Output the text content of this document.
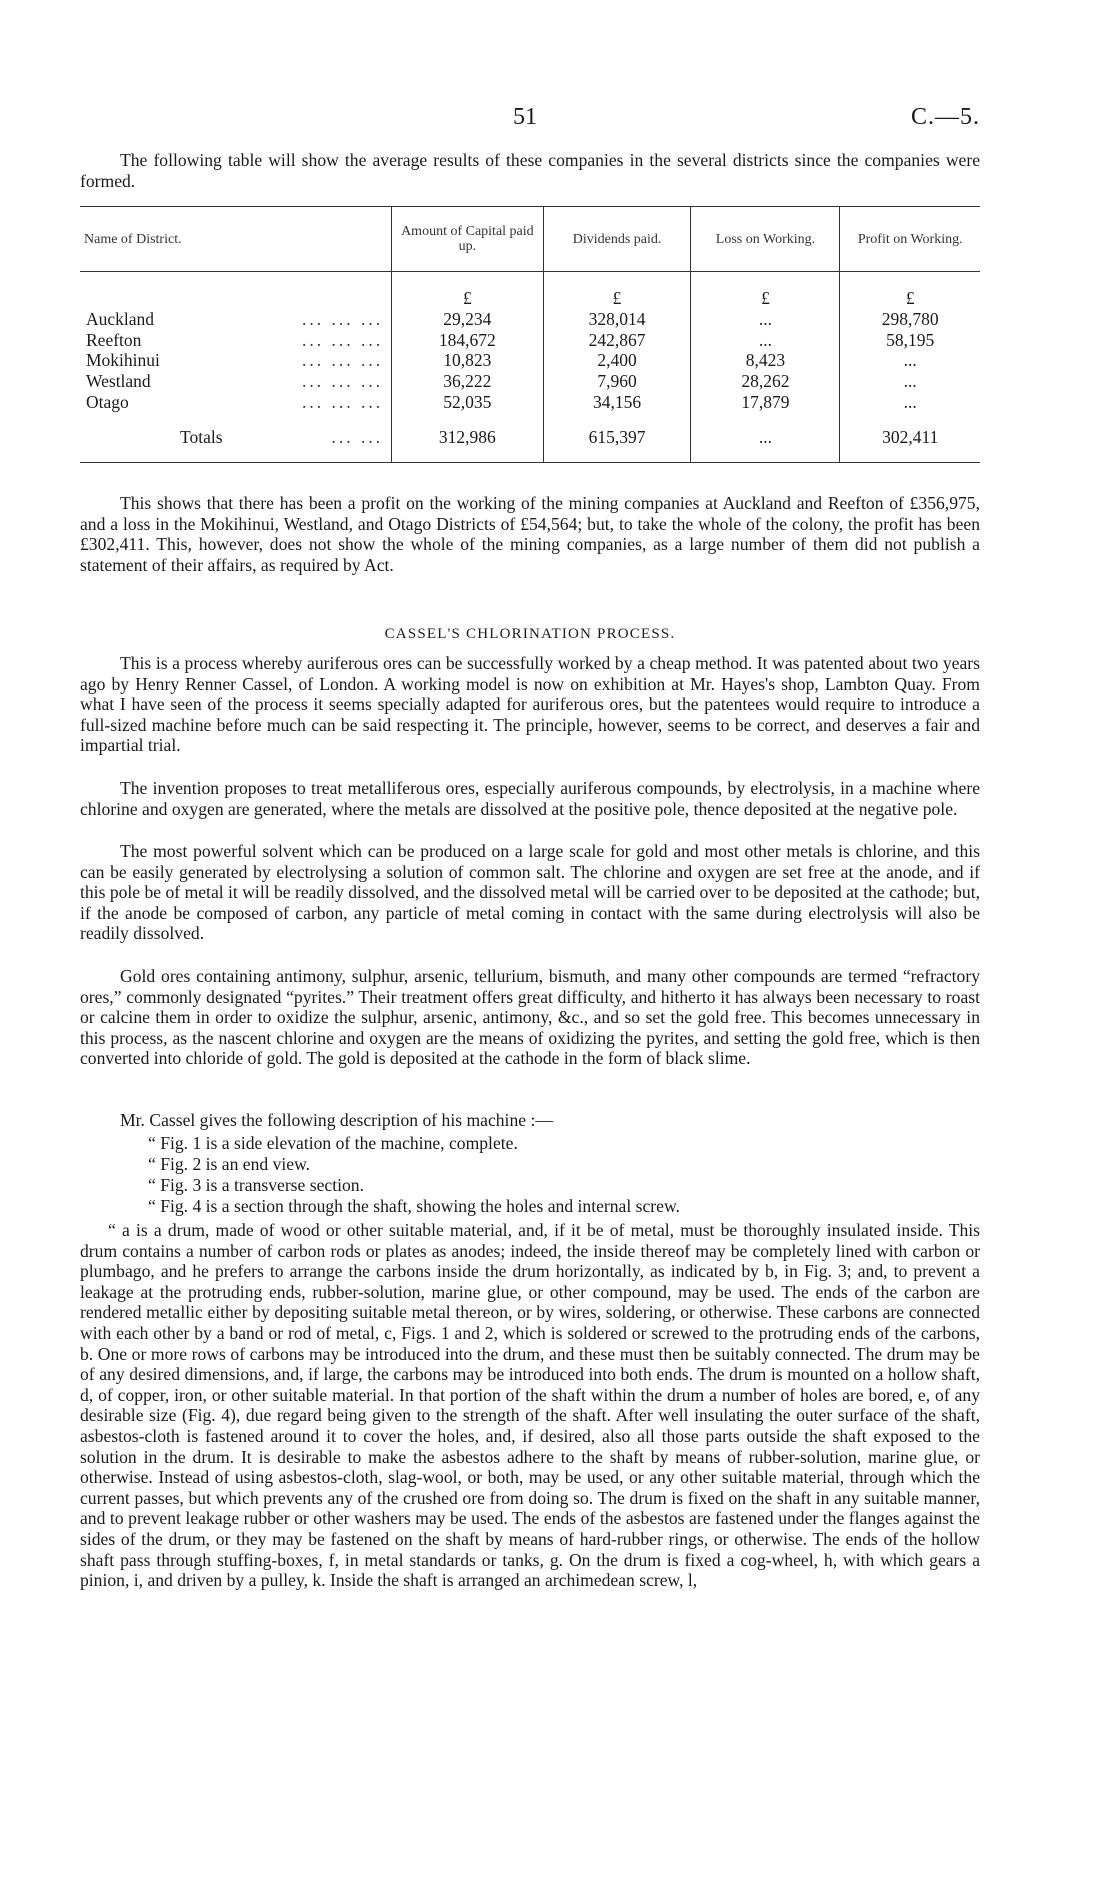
51	C.—5.

The following table will show the average results of these companies in the several districts since the companies were formed.

Name of District.	Amount of Capital paid up.	Dividends paid.	Loss on Working.	Profit on Working.
	£	£	£	£
Auckland ... ... ...	29,234	328,014	...	298,780
Reefton ... ... ...	184,672	242,867	...	58,195
Mokihinui ... ... ...	10,823	2,400	8,423	...
Westland ... ... ...	36,222	7,960	28,262	...
Otago ... ... ...	52,035	34,156	17,879	...
Totals ... ...	312,986	615,397	...	302,411

This shows that there has been a profit on the working of the mining companies at Auckland and Reefton of £356,975, and a loss in the Mokihinui, Westland, and Otago Districts of £54,564; but, to take the whole of the colony, the profit has been £302,411. This, however, does not show the whole of the mining companies, as a large number of them did not publish a statement of their affairs, as required by Act.

CASSEL'S CHLORINATION PROCESS.

This is a process whereby auriferous ores can be successfully worked by a cheap method. It was patented about two years ago by Henry Renner Cassel, of London. A working model is now on exhibition at Mr. Hayes's shop, Lambton Quay. From what I have seen of the process it seems specially adapted for auriferous ores, but the patentees would require to introduce a full-sized machine before much can be said respecting it. The principle, however, seems to be correct, and deserves a fair and impartial trial.

The invention proposes to treat metalliferous ores, especially auriferous compounds, by electrolysis, in a machine where chlorine and oxygen are generated, where the metals are dissolved at the positive pole, thence deposited at the negative pole.

The most powerful solvent which can be produced on a large scale for gold and most other metals is chlorine, and this can be easily generated by electrolysing a solution of common salt. The chlorine and oxygen are set free at the anode, and if this pole be of metal it will be readily dissolved, and the dissolved metal will be carried over to be deposited at the cathode; but, if the anode be composed of carbon, any particle of metal coming in contact with the same during electrolysis will also be readily dissolved.

Gold ores containing antimony, sulphur, arsenic, tellurium, bismuth, and many other compounds are termed “refractory ores,” commonly designated “pyrites.” Their treatment offers great difficulty, and hitherto it has always been necessary to roast or calcine them in order to oxidize the sulphur, arsenic, antimony, &c., and so set the gold free. This becomes unnecessary in this process, as the nascent chlorine and oxygen are the means of oxidizing the pyrites, and setting the gold free, which is then converted into chloride of gold. The gold is deposited at the cathode in the form of black slime.

Mr. Cassel gives the following description of his machine :—

“ Fig. 1 is a side elevation of the machine, complete.
“ Fig. 2 is an end view.
“ Fig. 3 is a transverse section.
“ Fig. 4 is a section through the shaft, showing the holes and internal screw.

“ a is a drum, made of wood or other suitable material, and, if it be of metal, must be thoroughly insulated inside. This drum contains a number of carbon rods or plates as anodes; indeed, the inside thereof may be completely lined with carbon or plumbago, and he prefers to arrange the carbons inside the drum horizontally, as indicated by b, in Fig. 3; and, to prevent a leakage at the protruding ends, rubber-solution, marine glue, or other compound, may be used. The ends of the carbon are rendered metallic either by depositing suitable metal thereon, or by wires, soldering, or otherwise. These carbons are connected with each other by a band or rod of metal, c, Figs. 1 and 2, which is soldered or screwed to the protruding ends of the carbons, b. One or more rows of carbons may be introduced into the drum, and these must then be suitably connected. The drum may be of any desired dimensions, and, if large, the carbons may be introduced into both ends. The drum is mounted on a hollow shaft, d, of copper, iron, or other suitable material. In that portion of the shaft within the drum a number of holes are bored, e, of any desirable size (Fig. 4), due regard being given to the strength of the shaft. After well insulating the outer surface of the shaft, asbestos-cloth is fastened around it to cover the holes, and, if desired, also all those parts outside the shaft exposed to the solution in the drum. It is desirable to make the asbestos adhere to the shaft by means of rubber-solution, marine glue, or otherwise. Instead of using asbestos-cloth, slag-wool, or both, may be used, or any other suitable material, through which the current passes, but which prevents any of the crushed ore from doing so. The drum is fixed on the shaft in any suitable manner, and to prevent leakage rubber or other washers may be used. The ends of the asbestos are fastened under the flanges against the sides of the drum, or they may be fastened on the shaft by means of hard-rubber rings, or otherwise. The ends of the hollow shaft pass through stuffing-boxes, f, in metal standards or tanks, g. On the drum is fixed a cog-wheel, h, with which gears a pinion, i, and driven by a pulley, k. Inside the shaft is arranged an archimedean screw, l,
